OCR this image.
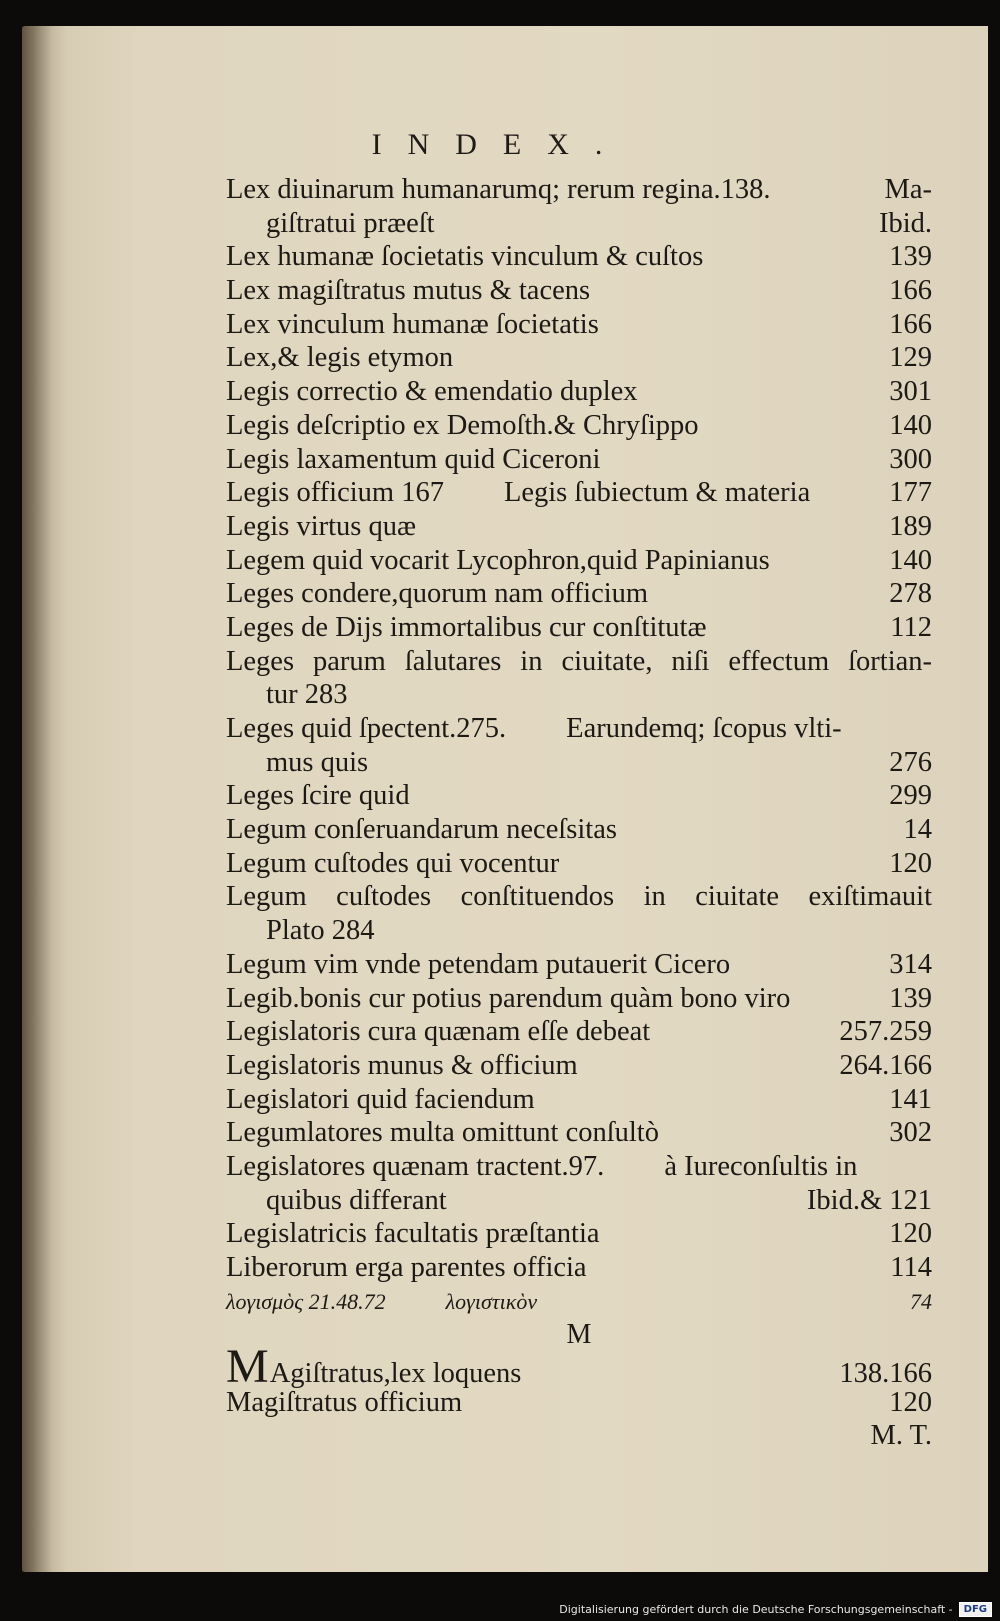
INDEX.
Lex diuinarum humanarumq; rerum regina.138.	Ma-
giſtratui præeſt	Ibid.
Lex humanæ ſocietatis vinculum & cuſtos	139
Lex magiſtratus mutus & tacens	166
Lex vinculum humanæ ſocietatis	166
Lex,& legis etymon	129
Legis correctio & emendatio duplex	301
Legis deſcriptio ex Demoſth.& Chryſippo	140
Legis laxamentum quid Ciceroni	300
Legis officium 167	Legis ſubiectum & materia	177
Legis virtus quæ	189
Legem quid vocarit Lycophron,quid Papinianus	140
Leges condere,quorum nam officium	278
Leges de Dijs immortalibus cur conſtitutæ	112
Leges parum ſalutares in ciuitate, niſi effectum ſortian-
tur 283
Leges quid ſpectent.275.	Earundemq; ſcopus vlti-
mus quis	276
Leges ſcire quid	299
Legum conſeruandarum neceſsitas	14
Legum cuſtodes qui vocentur	120
Legum cuſtodes conſtituendos in ciuitate exiſtimauit
Plato 284
Legum vim vnde petendam putauerit Cicero	314
Legib.bonis cur potius parendum quàm bono viro	139
Legislatoris cura quænam eſſe debeat	257.259
Legislatoris munus & officium	264.166
Legislatori quid faciendum	141
Legumlatores multa omittunt conſultò	302
Legislatores quænam tractent.97.	à Iureconſultis in
quibus differant	Ibid.& 121
Legislatricis facultatis præſtantia	120
Liberorum erga parentes officia	114
λογισμὸς 21.48.72	λογιστικὸν	74
M
MAgiſtratus,lex loquens	138.166
Magiſtratus officium	120
M. T.
Digitalisierung gefördert durch die Deutsche Forschungsgemeinschaft -	DFG
